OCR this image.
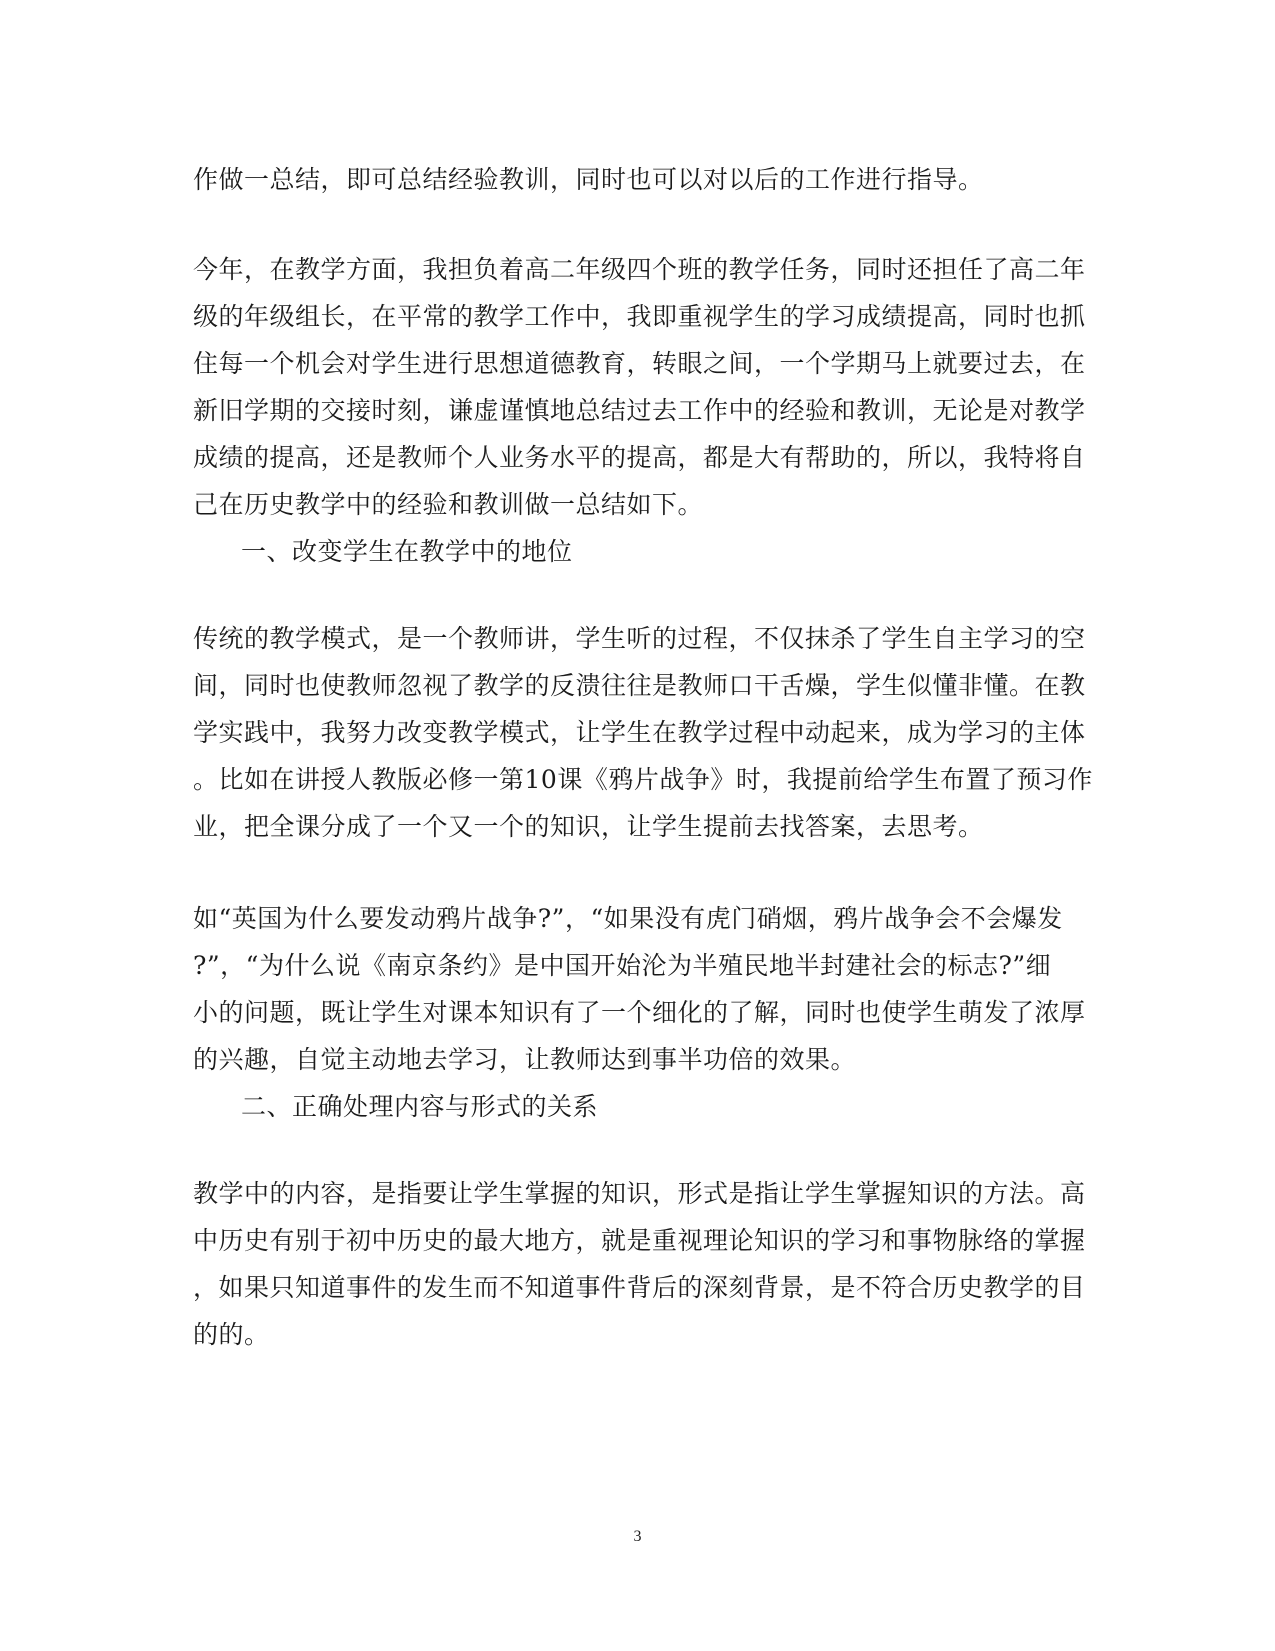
作做一总结，即可总结经验教训，同时也可以对以后的工作进行指导。
今年，在教学方面，我担负着高二年级四个班的教学任务，同时还担任了高二年
级的年级组长，在平常的教学工作中，我即重视学生的学习成绩提高，同时也抓
住每一个机会对学生进行思想道德教育，转眼之间，一个学期马上就要过去，在
新旧学期的交接时刻，谦虚谨慎地总结过去工作中的经验和教训，无论是对教学
成绩的提高，还是教师个人业务水平的提高，都是大有帮助的，所以，我特将自
己在历史教学中的经验和教训做一总结如下。
一、改变学生在教学中的地位
传统的教学模式，是一个教师讲，学生听的过程，不仅抹杀了学生自主学习的空
间，同时也使教师忽视了教学的反溃往往是教师口干舌燥，学生似懂非懂。在教
学实践中，我努力改变教学模式，让学生在教学过程中动起来，成为学习的主体
。比如在讲授人教版必修一第10课《鸦片战争》时，我提前给学生布置了预习作
业，把全课分成了一个又一个的知识，让学生提前去找答案，去思考。
如“英国为什么要发动鸦片战争?”，“如果没有虎门硝烟，鸦片战争会不会爆发
?”，“为什么说《南京条约》是中国开始沦为半殖民地半封建社会的标志?”细
小的问题，既让学生对课本知识有了一个细化的了解，同时也使学生萌发了浓厚
的兴趣，自觉主动地去学习，让教师达到事半功倍的效果。
二、正确处理内容与形式的关系
教学中的内容，是指要让学生掌握的知识，形式是指让学生掌握知识的方法。高
中历史有别于初中历史的最大地方，就是重视理论知识的学习和事物脉络的掌握
，如果只知道事件的发生而不知道事件背后的深刻背景，是不符合历史教学的目
的的。
3
